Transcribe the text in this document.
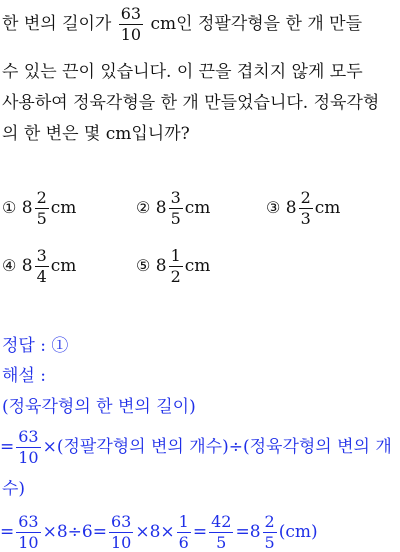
한 변의 길이가 $\frac{63}{10}$ cm인 정팔각형을 한 개 만들
수 있는 끈이 있습니다. 이 끈을 겹치지 않게 모두
사용하여 정육각형을 한 개 만들었습니다. 정육각형
의 한 변은 몇 cm입니까?
① $8 \frac{2}{5}$ cm	② $8 \frac{3}{5}$ cm	③ $8 \frac{2}{3}$ cm
④ $8 \frac{3}{4}$ cm	⑤ $8 \frac{1}{2}$ cm
정답 : ①
해설 :
(정육각형의 한 변의 길이)
= $\frac{63}{10}$ ×(정팔각형의 변의 개수)÷(정육각형의 변의 개
수)
= $\frac{63}{10} \times 8\div 6= \frac{63}{10} \times 8\times \frac{1}{6} = \frac{42}{5} =8 \frac{2}{5} (cm)$
